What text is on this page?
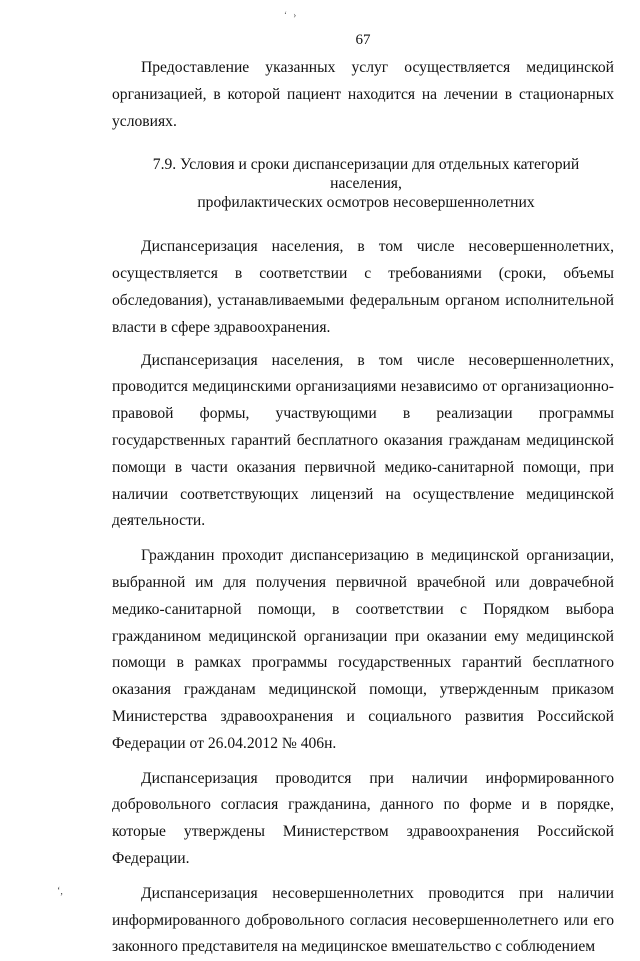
‘ ›
67

Предоставление указанных услуг осуществляется медицинской организацией, в которой пациент находится на лечении в стационарных условиях.

7.9. Условия и сроки диспансеризации для отдельных категорий населения,
профилактических осмотров несовершеннолетних

Диспансеризация населения, в том числе несовершеннолетних, осуществляется в соответствии с требованиями (сроки, объемы обследования), устанавливаемыми федеральным органом исполнительной власти в сфере здравоохранения.

Диспансеризация населения, в том числе несовершеннолетних, проводится медицинскими организациями независимо от организационно-правовой формы, участвующими в реализации программы государственных гарантий бесплатного оказания гражданам медицинской помощи в части оказания первичной медико-санитарной помощи, при наличии соответствующих лицензий на осуществление медицинской деятельности.

Гражданин проходит диспансеризацию в медицинской организации, выбранной им для получения первичной врачебной или доврачебной медико-санитарной помощи, в соответствии с Порядком выбора гражданином медицинской организации при оказании ему медицинской помощи в рамках программы государственных гарантий бесплатного оказания гражданам медицинской помощи, утвержденным приказом Министерства здравоохранения и социального развития Российской Федерации от 26.04.2012 № 406н.

Диспансеризация проводится при наличии информированного добровольного согласия гражданина, данного по форме и в порядке, которые утверждены Министерством здравоохранения Российской Федерации.

Диспансеризация несовершеннолетних проводится при наличии информированного добровольного согласия несовершеннолетнего или его законного представителя на медицинское вмешательство с соблюдением

‘,
